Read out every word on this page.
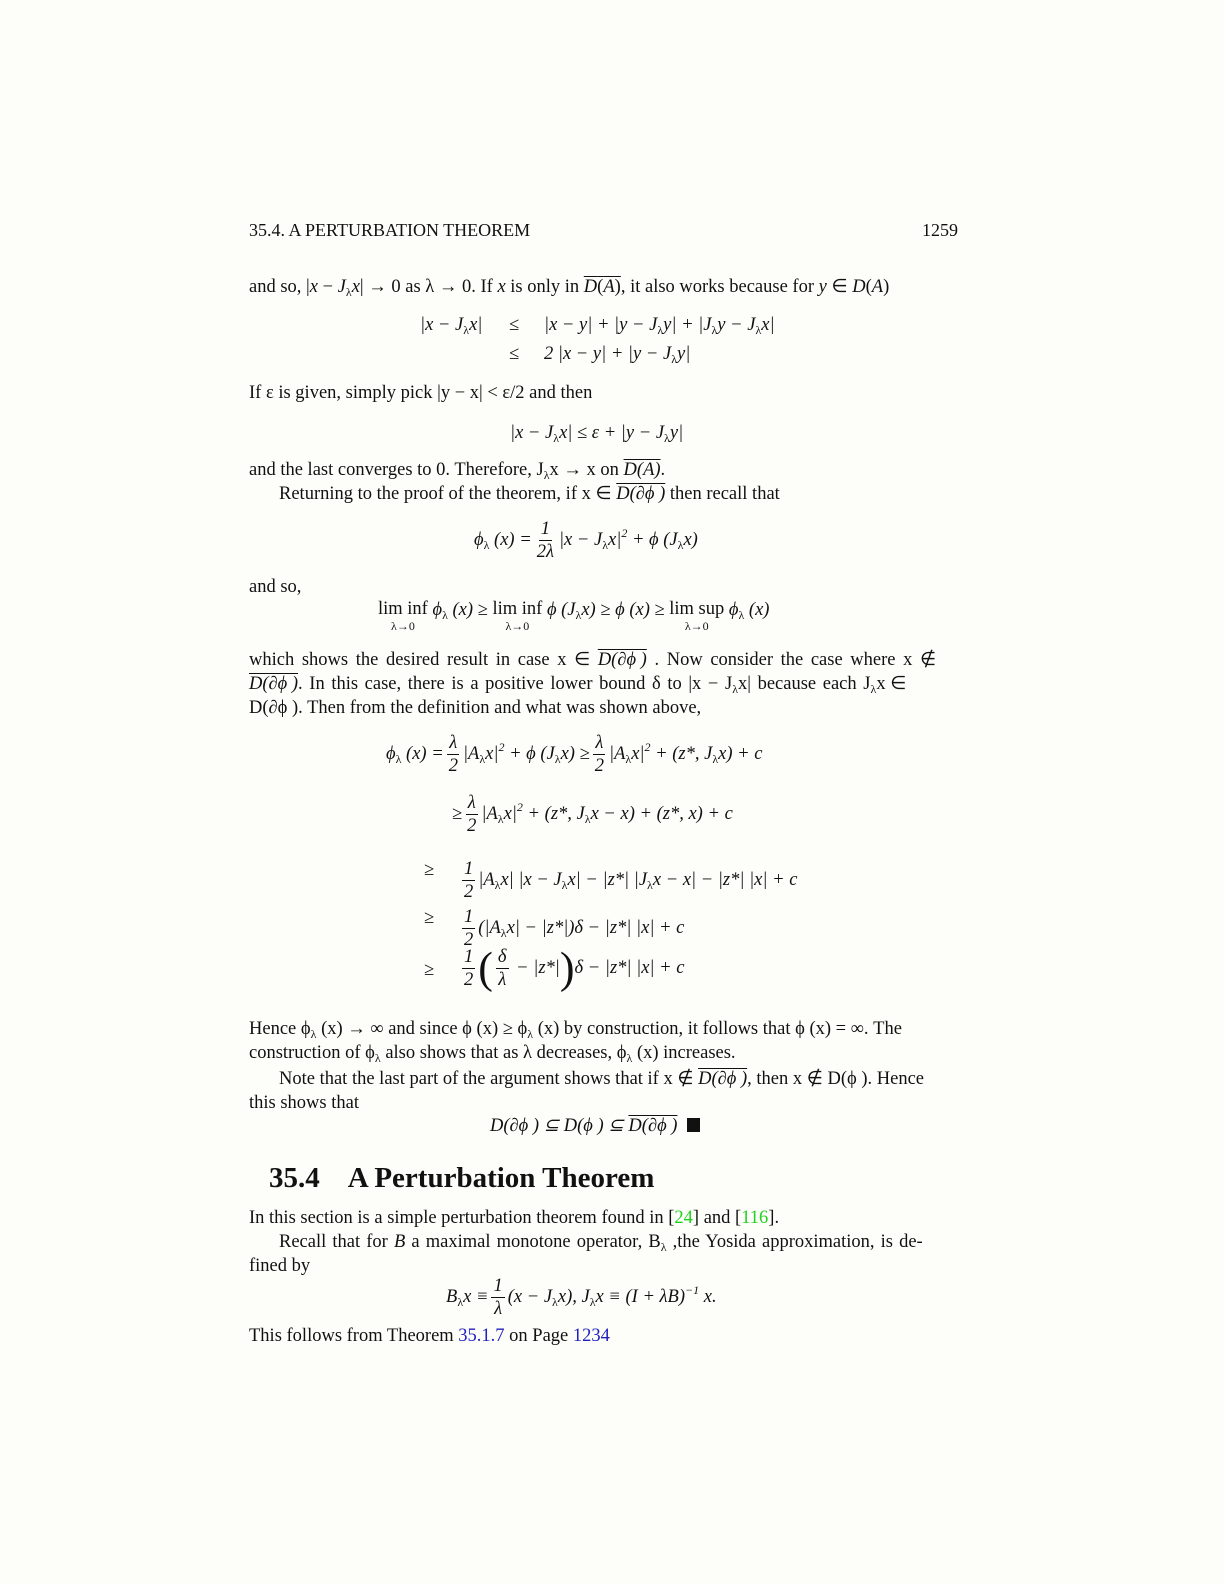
35.4. A PERTURBATION THEOREM	1259
and so, $|x - J_\lambda x| \to 0$ as λ → 0. If x is only in D(A), it also works because for y ∈ D(A)
$|x - J_\lambda x| \le |x - y| + |y - J_\lambda y| + |J_\lambda y - J_\lambda x|$
≤ 2 $|x - y| + |y - J_\lambda y|$
If ε is given, simply pick |y − x| < ε/2 and then
$|x - J_\lambda x| \le \varepsilon + |y - J_\lambda y|$
and the last converges to 0. Therefore, $J_\lambda x \to x$ on D(A).
Returning to the proof of the theorem, if x ∈ D(∂ϕ ) then recall that
$\phi_\lambda$ $(x) = \frac{1}{2\lambda} |x - J_\lambda x|^2 + \phi$ $(J_\lambda x)$
and so,
lim inf
λ→0
$\phi_\lambda$ (x) ≥ lim inf
λ→0
ϕ $(J_\lambda x) \ge \phi$ (x) ≥ lim sup
λ→0
$\phi_\lambda$ (x)
which shows the desired result in case x ∈ D(∂ϕ ) . Now consider the case where x ∉
D(∂ϕ ). In this case, there is a positive lower bound δ to $|x - J_\lambda x|$ because each $J_\lambda x$ ∈
D(∂ϕ ). Then from the definition and what was shown above,
$\phi_\lambda$ $(x) = \frac{\lambda}{2} |A_\lambda x|^2 + \phi$ $(J_\lambda x) \ge \frac{\lambda}{2} |A_\lambda x|^2 + (z*$, $J_\lambda x) + c$
≥ $\frac{\lambda}{2} |A_\lambda x|^2 + (z*$, $J_\lambda x - x) + (z*$, x) + c
≥ $\frac{1}{2} |A_\lambda x|$ $|x - J_\lambda x| - |z*|$ $|J_\lambda x - x| - |z*|$ |x| + c
≥ $\frac{1}{2} (|A_\lambda x| - |z*|)\delta - |z*|$ |x| + c
≥ $\frac{1}{2}$ ( $\frac{\delta}{\lambda} - |z*|)\delta - |z*|$ |x| + c
Hence $\phi_\lambda$ (x) → ∞ and since ϕ $(x) \ge \phi_\lambda$ (x) by construction, it follows that ϕ (x) = ∞. The
construction of $\phi_\lambda$ also shows that as λ decreases, $\phi_\lambda$ (x) increases.
Note that the last part of the argument shows that if x ∉ D(∂ϕ ), then x ∉ D(ϕ ). Hence
this shows that
D(∂ϕ ) ⊆ D(ϕ ) ⊆ D(∂ϕ )
35.4 A Perturbation Theorem
In this section is a simple perturbation theorem found in [24] and [116].
Recall that for B a maximal monotone operator, $B_\lambda$ ,the Yosida approximation, is de-
fined by
$B_\lambda x \equiv \frac{1}{\lambda} (x - J_\lambda x)$, $J_\lambda x \equiv (I + \lambda B)^{-1}$ x.
This follows from Theorem 35.1.7 on Page 1234
